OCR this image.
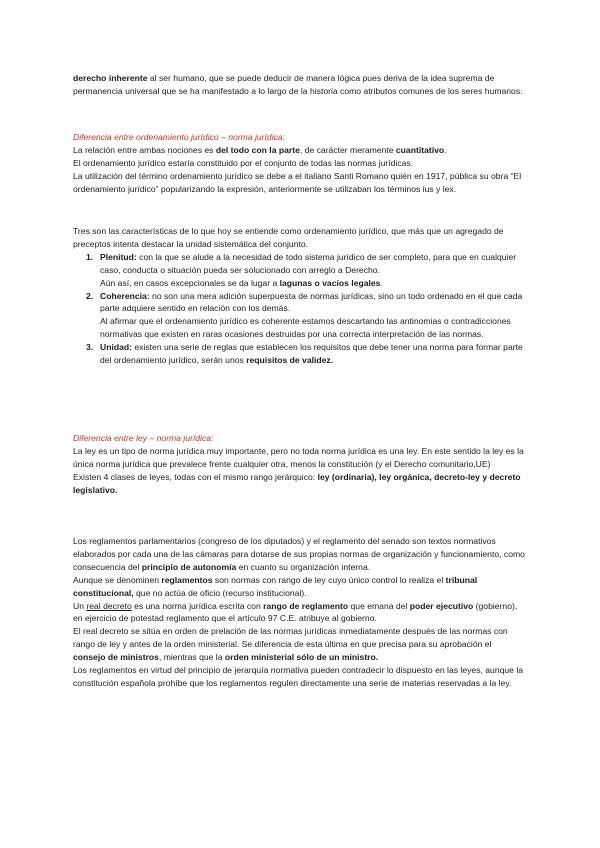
derecho inherente al ser humano, que se puede deducir de manera lógica pues deriva de la idea suprema de permanencia universal que se ha manifestado a lo largo de la historia como atributos comunes de los seres humanos.

Diferencia entre ordenamiento jurídico – norma jurídica:

La relación entre ambas nociones es del todo con la parte, de carácter meramente cuantitativo.

El ordenamiento jurídico estaría constituido por el conjunto de todas las normas jurídicas.

La utilización del término ordenamiento jurídico se debe a el italiano Santi Romano quién en 1917, pública su obra “El ordenamiento jurídico” popularizando la expresión, anteriormente se utilizaban los términos ius y lex.

Tres son las características de lo que hoy se entiende como ordenamiento jurídico, que más que un agregado de preceptos intenta destacar la unidad sistemática del conjunto.

1. Plenitud: con la que se alude a la necesidad de todo sistema jurídico de ser completo, para que en cualquier caso, conducta o situación pueda ser solucionado con arreglo a Derecho.

Aún así, en casos excepcionales se da lugar a lagunas o vacíos legales.

2. Coherencia: no son una mera adición superpuesta de normas jurídicas, sino un todo ordenado en el que cada parte adquiere sentido en relación con los demás.

Al afirmar que el ordenamiento jurídico es coherente estamos descartando las antinomias o contradicciones normativas que existen en raras ocasiones destruidas por una correcta interpretación de las normas.

3. Unidad: existen una serie de reglas que establecen los requisitos que debe tener una norma para formar parte del ordenamiento jurídico, serán unos requisitos de validez.

Diferencia entre ley – norma jurídica:

La ley es un tipo de norma jurídica muy importante, pero no toda norma jurídica es una ley. En este sentido la ley es la única norma jurídica que prevalece frente cualquier otra, menos la constitución (y el Derecho comunitario,UE)

Existen 4 clases de leyes, todas con el mismo rango jerárquico: ley (ordinaria), ley orgánica, decreto-ley y decreto legislativo.

Los reglamentos parlamentarios (congreso de los diputados) y el reglamento del senado son textos normativos elaborados por cada una de las cámaras para dotarse de sus propias normas de organización y funcionamiento, como consecuencia del principio de autonomía en cuanto su organización interna.

Aunque se denominen reglamentos son normas con rango de ley cuyo único control lo realiza el tribunal constitucional, que no actúa de oficio (recurso institucional).

Un real decreto es una norma jurídica escrita con rango de reglamento que emana del poder ejecutivo (gobierno), en ejercicio de potestad reglamento que el artículo 97 C.E. atribuye al gobierno.

El real decreto se sitúa en orden de prelación de las normas jurídicas inmediatamente después de las normas con rango de ley y antes de la orden ministerial. Se diferencia de esta última en que precisa para su aprobación el consejo de ministros, mientras que la orden ministerial sólo de un ministro.

Los reglamentos en virtud del principio de jerarquía normativa pueden contradecir lo dispuesto en las leyes, aunque la constitución española prohíbe que los reglamentos regulen directamente una serie de materias reservadas a la ley.
